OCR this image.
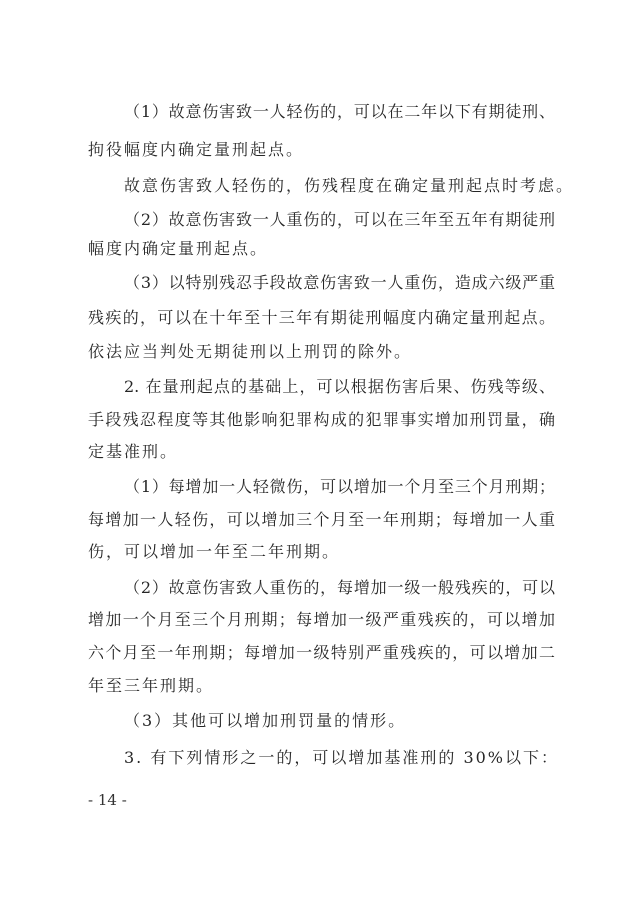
（1）故意伤害致一人轻伤的，可以在二年以下有期徒刑、
拘役幅度内确定量刑起点。
故意伤害致人轻伤的，伤残程度在确定量刑起点时考虑。
（2）故意伤害致一人重伤的，可以在三年至五年有期徒刑
幅度内确定量刑起点。
（3）以特别残忍手段故意伤害致一人重伤，造成六级严重
残疾的，可以在十年至十三年有期徒刑幅度内确定量刑起点。
依法应当判处无期徒刑以上刑罚的除外。
2. 在量刑起点的基础上，可以根据伤害后果、伤残等级、
手段残忍程度等其他影响犯罪构成的犯罪事实增加刑罚量，确
定基准刑。
（1）每增加一人轻微伤，可以增加一个月至三个月刑期；
每增加一人轻伤，可以增加三个月至一年刑期；每增加一人重
伤，可以增加一年至二年刑期。
（2）故意伤害致人重伤的，每增加一级一般残疾的，可以
增加一个月至三个月刑期；每增加一级严重残疾的，可以增加
六个月至一年刑期；每增加一级特别严重残疾的，可以增加二
年至三年刑期。
（3）其他可以增加刑罚量的情形。
3. 有下列情形之一的，可以增加基准刑的 30%以下：
- 14 -
